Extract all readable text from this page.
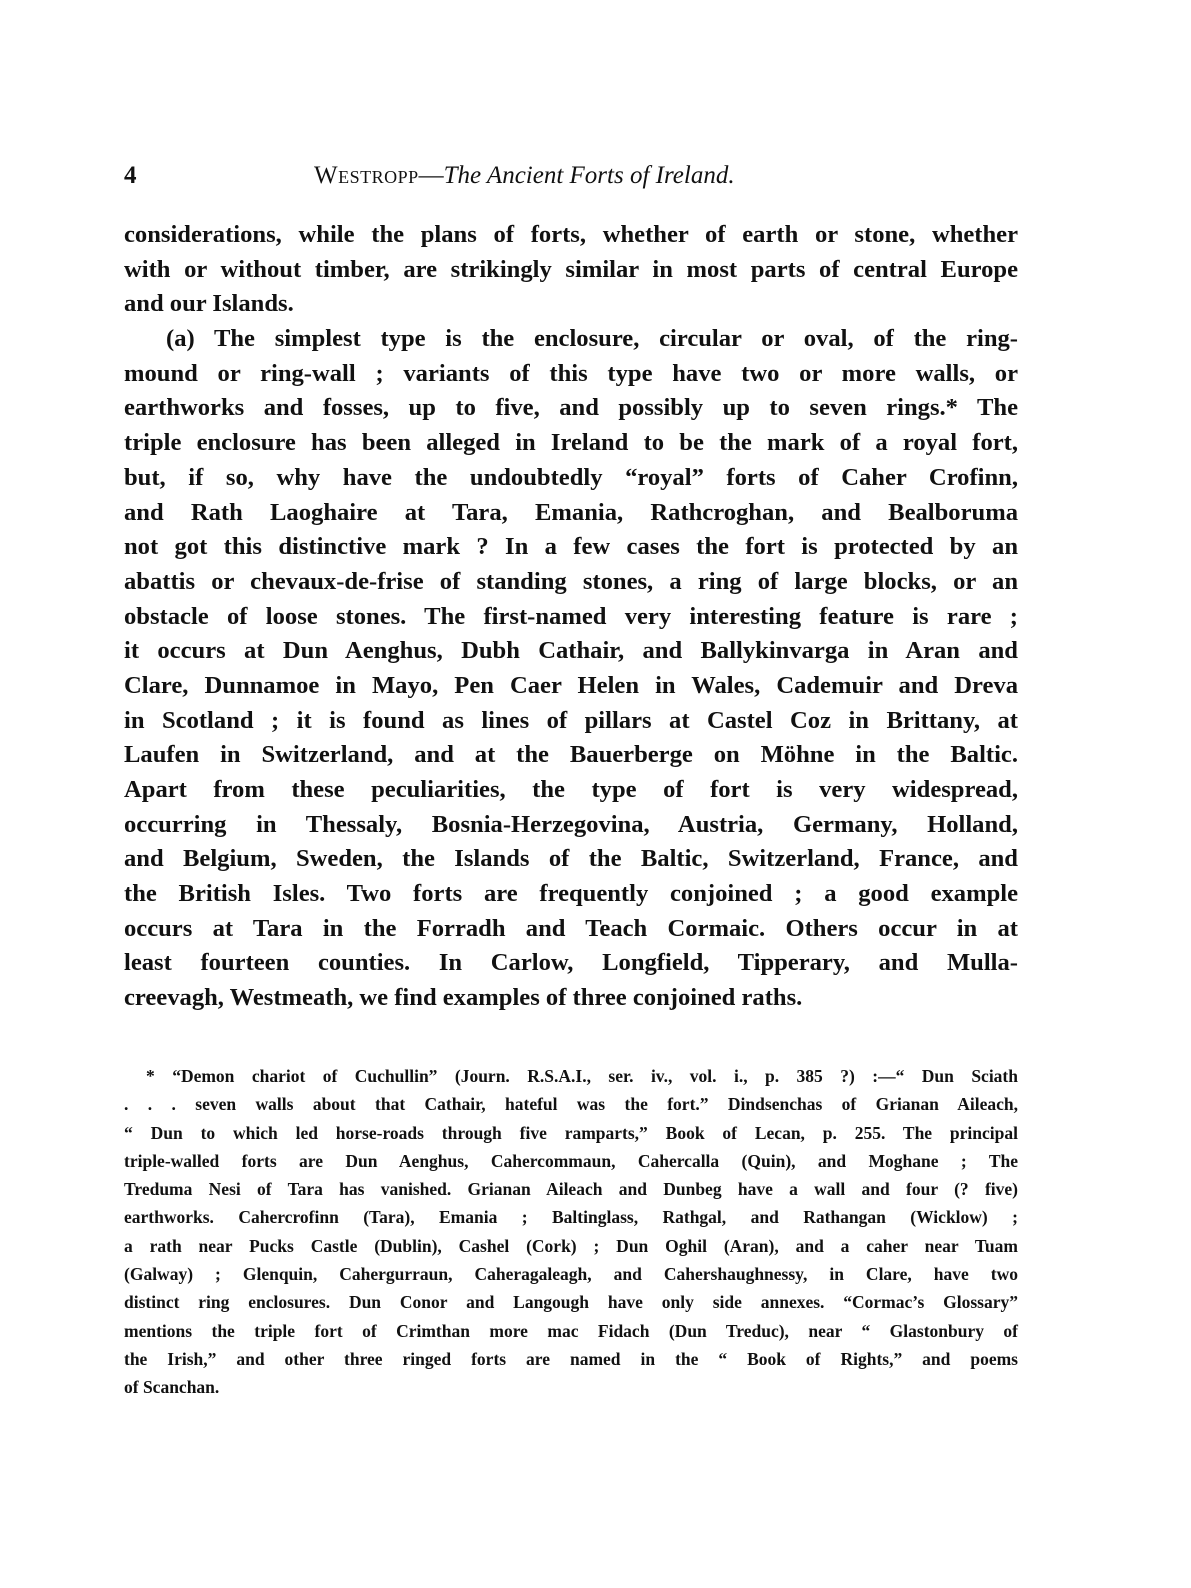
4	Westropp—The Ancient Forts of Ireland.
considerations, while the plans of forts, whether of earth or stone, whether
with or without timber, are strikingly similar in most parts of central Europe
and our Islands.
(a) The simplest type is the enclosure, circular or oval, of the ring-
mound or ring-wall ; variants of this type have two or more walls, or
earthworks and fosses, up to five, and possibly up to seven rings.* The
triple enclosure has been alleged in Ireland to be the mark of a royal fort,
but, if so, why have the undoubtedly “royal” forts of Caher Crofinn,
and Rath Laoghaire at Tara, Emania, Rathcroghan, and Bealboruma
not got this distinctive mark ? In a few cases the fort is protected by an
abattis or chevaux-de-frise of standing stones, a ring of large blocks, or an
obstacle of loose stones. The first-named very interesting feature is rare ;
it occurs at Dun Aenghus, Dubh Cathair, and Ballykinvarga in Aran and
Clare, Dunnamoe in Mayo, Pen Caer Helen in Wales, Cademuir and Dreva
in Scotland ; it is found as lines of pillars at Castel Coz in Brittany, at
Laufen in Switzerland, and at the Bauerberge on Möhne in the Baltic.
Apart from these peculiarities, the type of fort is very widespread,
occurring in Thessaly, Bosnia-Herzegovina, Austria, Germany, Holland,
and Belgium, Sweden, the Islands of the Baltic, Switzerland, France, and
the British Isles. Two forts are frequently conjoined ; a good example
occurs at Tara in the Forradh and Teach Cormaic. Others occur in at
least fourteen counties. In Carlow, Longfield, Tipperary, and Mulla-
creevagh, Westmeath, we find examples of three conjoined raths.
* “Demon chariot of Cuchullin” (Journ. R.S.A.I., ser. iv., vol. i., p. 385 ?) :—“ Dun Sciath
. . . seven walls about that Cathair, hateful was the fort.” Dindsenchas of Grianan Aileach,
“ Dun to which led horse-roads through five ramparts,” Book of Lecan, p. 255. The principal
triple-walled forts are Dun Aenghus, Cahercommaun, Cahercalla (Quin), and Moghane ; The
Treduma Nesi of Tara has vanished. Grianan Aileach and Dunbeg have a wall and four (? five)
earthworks. Cahercrofinn (Tara), Emania ; Baltinglass, Rathgal, and Rathangan (Wicklow) ;
a rath near Pucks Castle (Dublin), Cashel (Cork) ; Dun Oghil (Aran), and a caher near Tuam
(Galway) ; Glenquin, Cahergurraun, Caheragaleagh, and Cahershaughnessy, in Clare, have two
distinct ring enclosures. Dun Conor and Langough have only side annexes. “Cormac’s Glossary”
mentions the triple fort of Crimthan more mac Fidach (Dun Treduc), near “ Glastonbury of
the Irish,” and other three ringed forts are named in the “ Book of Rights,” and poems
of Scanchan.
